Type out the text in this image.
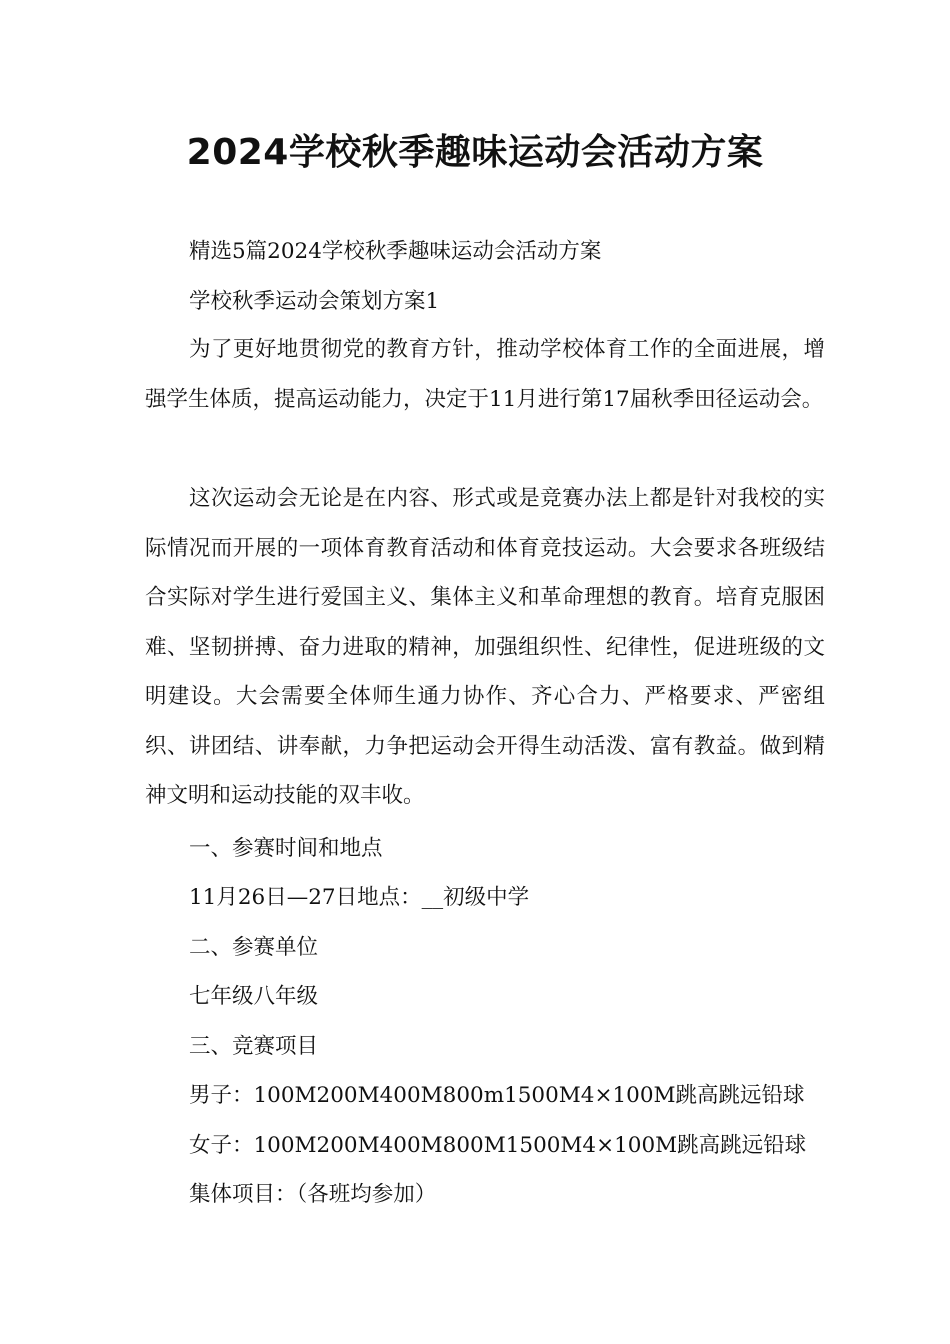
2024学校秋季趣味运动会活动方案
精选5篇2024学校秋季趣味运动会活动方案
学校秋季运动会策划方案1

为了更好地贯彻党的教育方针，推动学校体育工作的全面进展，增强学生体质，提高运动能力，决定于11月进行第17届秋季田径运动会。

这次运动会无论是在内容、形式或是竞赛办法上都是针对我校的实际情况而开展的一项体育教育活动和体育竞技运动。大会要求各班级结合实际对学生进行爱国主义、集体主义和革命理想的教育。培育克服困难、坚韧拼搏、奋力进取的精神，加强组织性、纪律性，促进班级的文明建设。大会需要全体师生通力协作、齐心合力、严格要求、严密组织、讲团结、讲奉献，力争把运动会开得生动活泼、富有教益。做到精神文明和运动技能的双丰收。

一、参赛时间和地点
11月26日—27日地点：__初级中学
二、参赛单位
七年级八年级
三、竞赛项目
男子：100M200M400M800m1500M4×100M跳高跳远铅球
女子：100M200M400M800M1500M4×100M跳高跳远铅球
集体项目：（各班均参加）
